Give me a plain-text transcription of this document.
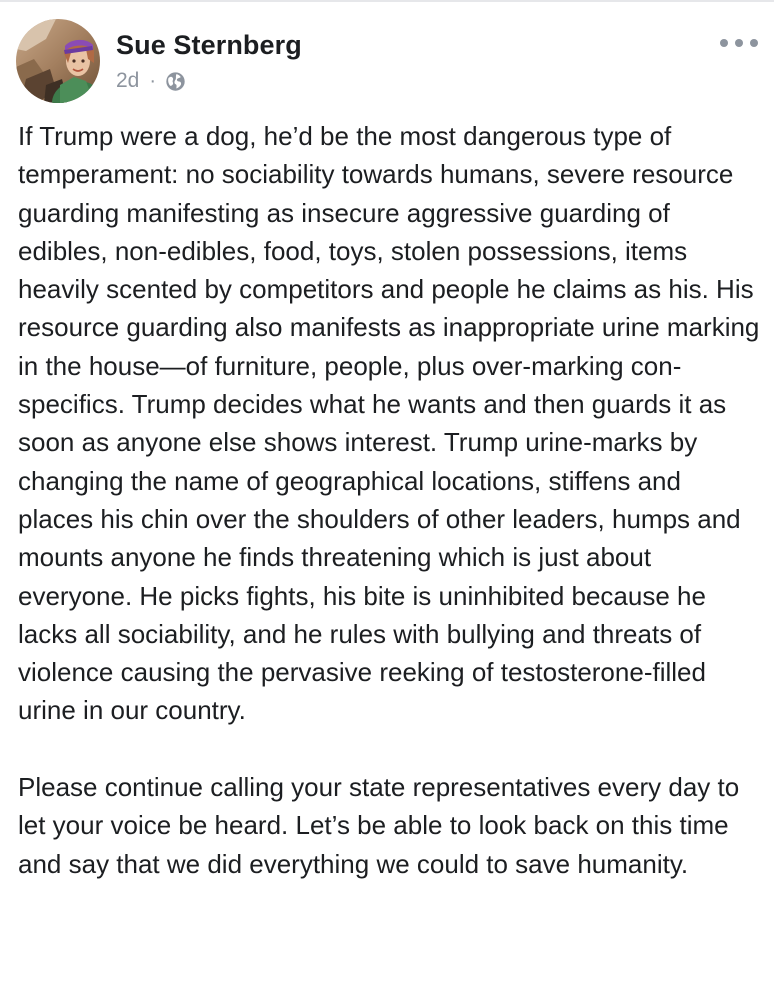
Sue Sternberg
2d ·

If Trump were a dog, he’d be the most dangerous type of temperament: no sociability towards humans, severe resource guarding manifesting as insecure aggressive guarding of edibles, non-edibles, food, toys, stolen possessions, items heavily scented by competitors and people he claims as his. His resource guarding also manifests as inappropriate urine marking in the house—of furniture, people, plus over-marking con-specifics. Trump decides what he wants and then guards it as soon as anyone else shows interest. Trump urine-marks by changing the name of geographical locations, stiffens and places his chin over the shoulders of other leaders, humps and mounts anyone he finds threatening which is just about everyone. He picks fights, his bite is uninhibited because he lacks all sociability, and he rules with bullying and threats of violence causing the pervasive reeking of testosterone-filled urine in our country.

Please continue calling your state representatives every day to let your voice be heard. Let’s be able to look back on this time and say that we did everything we could to save humanity.
